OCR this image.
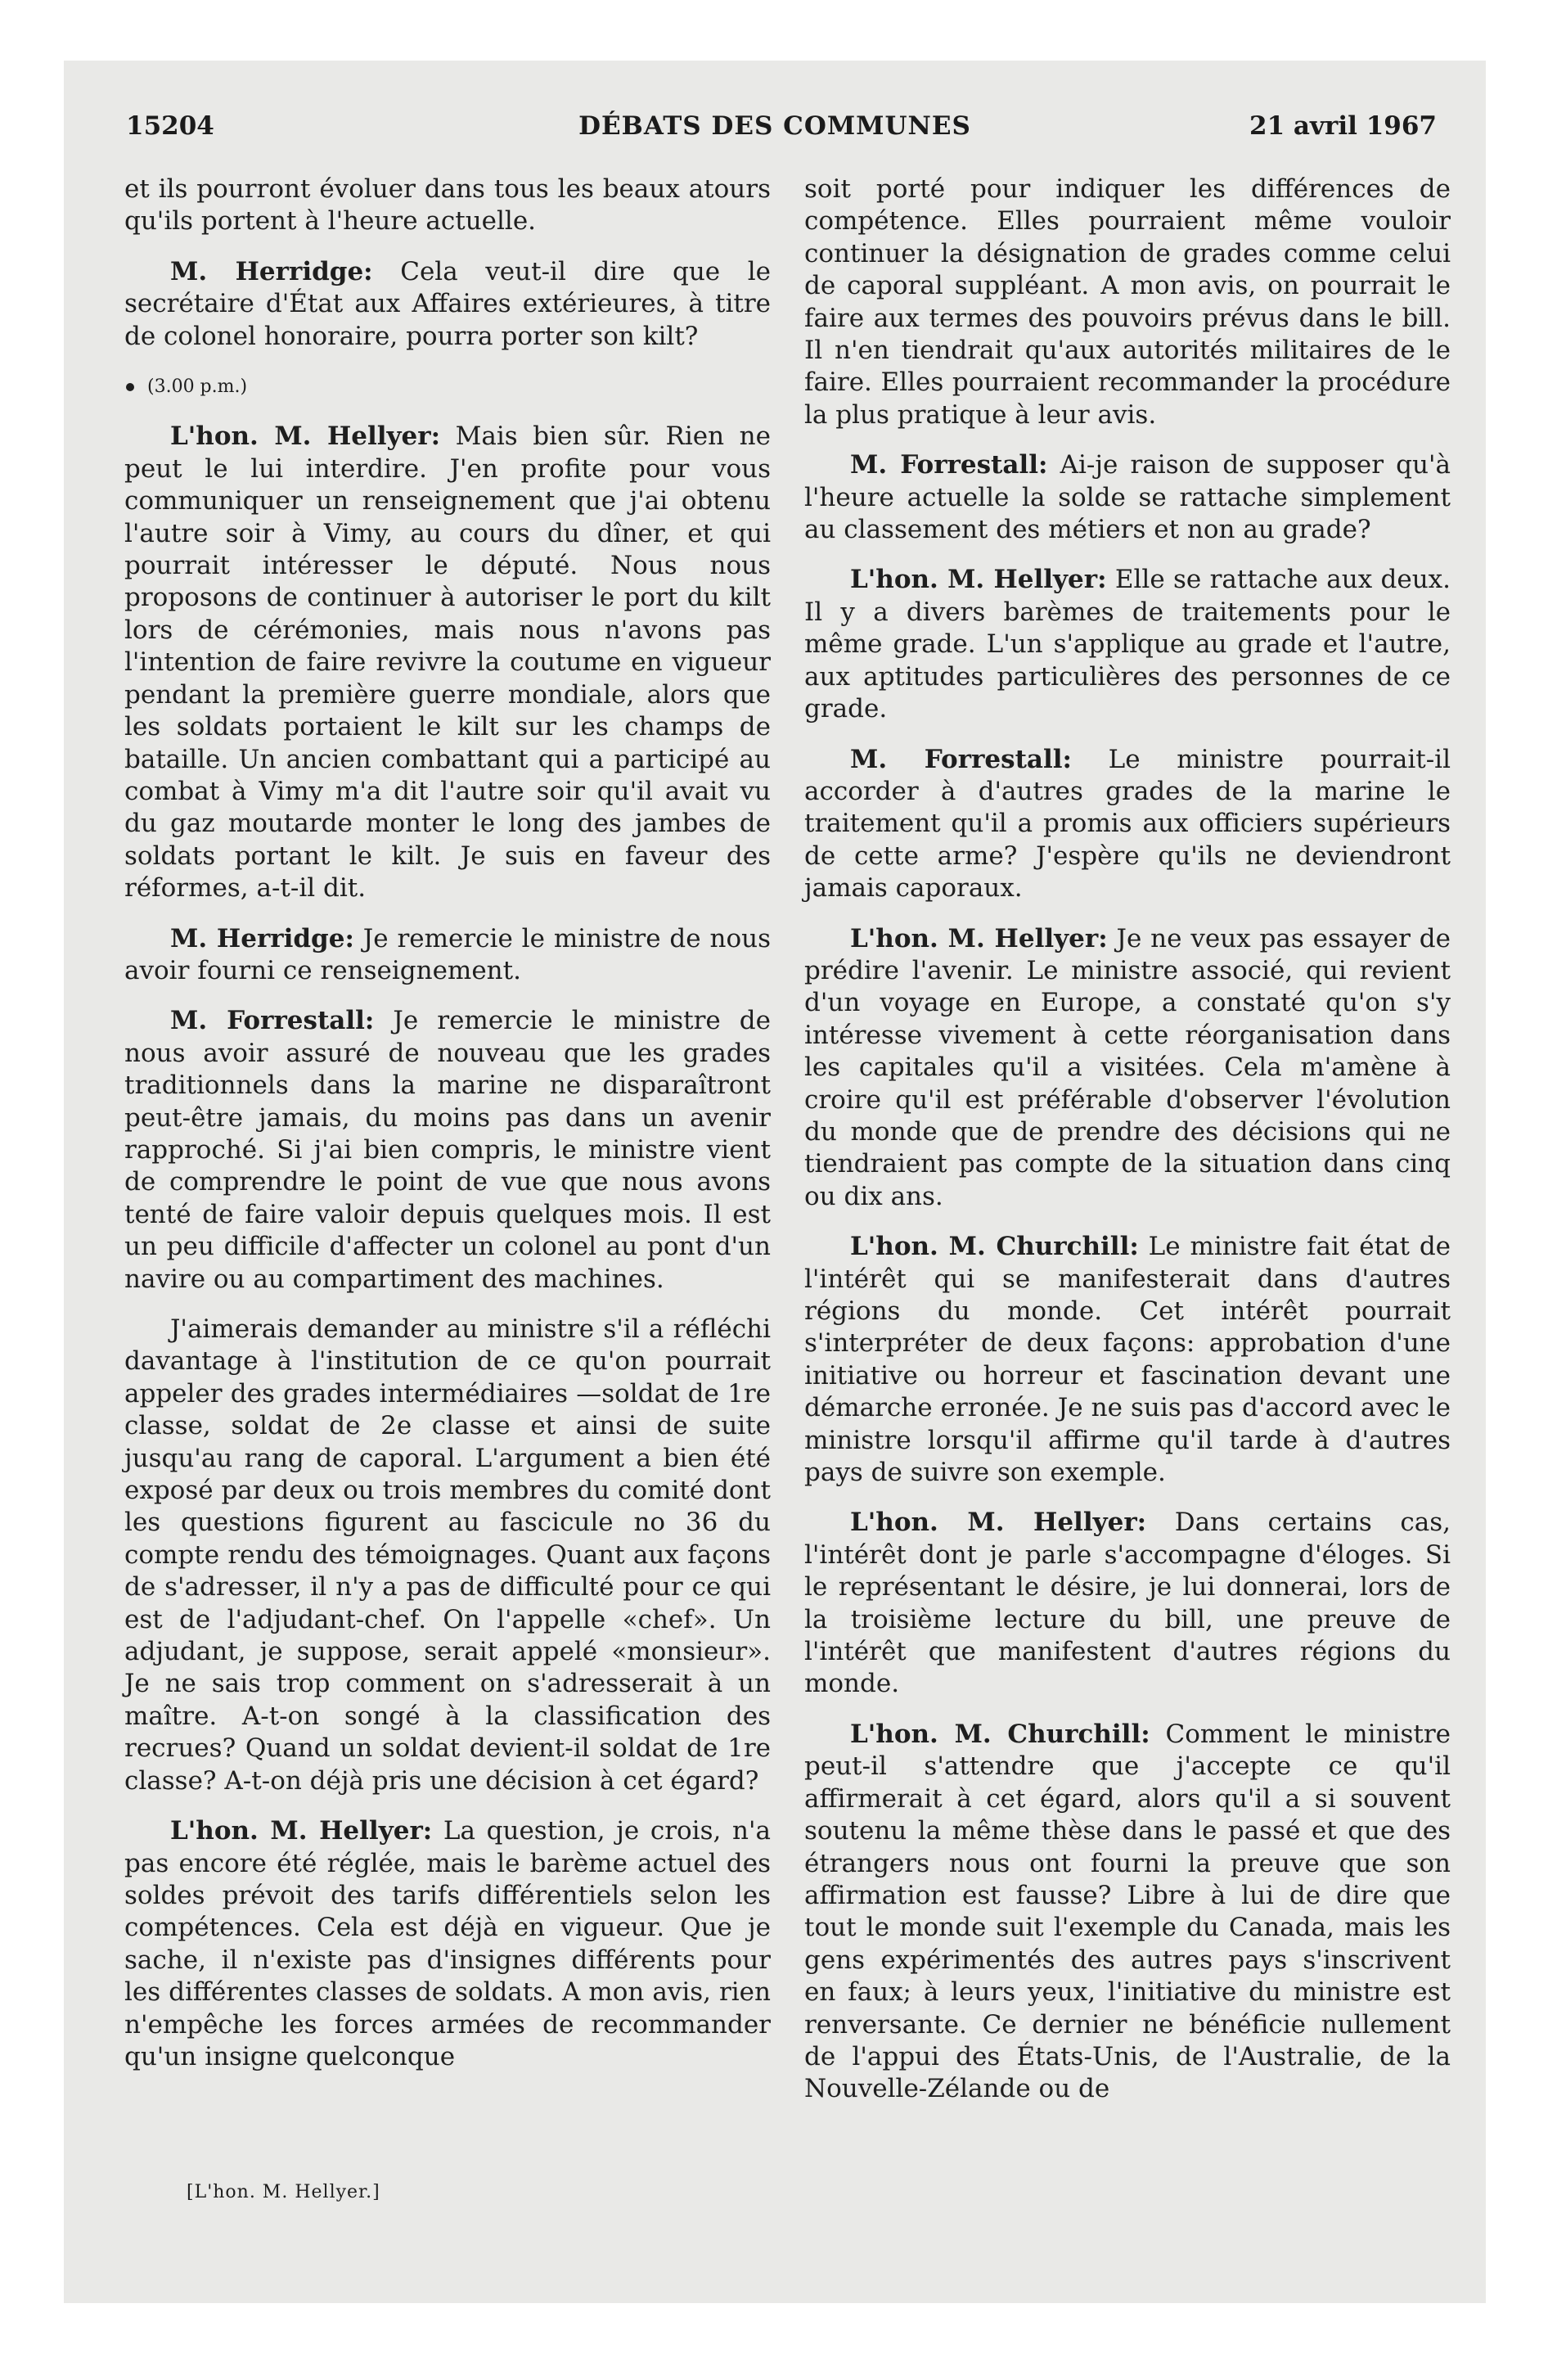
15204	DÉBATS DES COMMUNES	21 avril 1967

et ils pourront évoluer dans tous les beaux atours qu'ils portent à l'heure actuelle.

M. Herridge: Cela veut-il dire que le secrétaire d'État aux Affaires extérieures, à titre de colonel honoraire, pourra porter son kilt?

(3.00 p.m.)

L'hon. M. Hellyer: Mais bien sûr. Rien ne peut le lui interdire. J'en profite pour vous communiquer un renseignement que j'ai obtenu l'autre soir à Vimy, au cours du dîner, et qui pourrait intéresser le député. Nous nous proposons de continuer à autoriser le port du kilt lors de cérémonies, mais nous n'avons pas l'intention de faire revivre la coutume en vigueur pendant la première guerre mondiale, alors que les soldats portaient le kilt sur les champs de bataille. Un ancien combattant qui a participé au combat à Vimy m'a dit l'autre soir qu'il avait vu du gaz moutarde monter le long des jambes de soldats portant le kilt. Je suis en faveur des réformes, a-t-il dit.

M. Herridge: Je remercie le ministre de nous avoir fourni ce renseignement.

M. Forrestall: Je remercie le ministre de nous avoir assuré de nouveau que les grades traditionnels dans la marine ne disparaîtront peut-être jamais, du moins pas dans un avenir rapproché. Si j'ai bien compris, le ministre vient de comprendre le point de vue que nous avons tenté de faire valoir depuis quelques mois. Il est un peu difficile d'affecter un colonel au pont d'un navire ou au compartiment des machines.

J'aimerais demander au ministre s'il a réfléchi davantage à l'institution de ce qu'on pourrait appeler des grades intermédiaires —soldat de 1re classe, soldat de 2e classe et ainsi de suite jusqu'au rang de caporal. L'argument a bien été exposé par deux ou trois membres du comité dont les questions figurent au fascicule no 36 du compte rendu des témoignages. Quant aux façons de s'adresser, il n'y a pas de difficulté pour ce qui est de l'adjudant-chef. On l'appelle «chef». Un adjudant, je suppose, serait appelé «monsieur». Je ne sais trop comment on s'adresserait à un maître. A-t-on songé à la classification des recrues? Quand un soldat devient-il soldat de 1re classe? A-t-on déjà pris une décision à cet égard?

L'hon. M. Hellyer: La question, je crois, n'a pas encore été réglée, mais le barème actuel des soldes prévoit des tarifs différentiels selon les compétences. Cela est déjà en vigueur. Que je sache, il n'existe pas d'insignes différents pour les différentes classes de soldats. A mon avis, rien n'empêche les forces armées de recommander qu'un insigne quelconque

soit porté pour indiquer les différences de compétence. Elles pourraient même vouloir continuer la désignation de grades comme celui de caporal suppléant. A mon avis, on pourrait le faire aux termes des pouvoirs prévus dans le bill. Il n'en tiendrait qu'aux autorités militaires de le faire. Elles pourraient recommander la procédure la plus pratique à leur avis.

M. Forrestall: Ai-je raison de supposer qu'à l'heure actuelle la solde se rattache simplement au classement des métiers et non au grade?

L'hon. M. Hellyer: Elle se rattache aux deux. Il y a divers barèmes de traitements pour le même grade. L'un s'applique au grade et l'autre, aux aptitudes particulières des personnes de ce grade.

M. Forrestall: Le ministre pourrait-il accorder à d'autres grades de la marine le traitement qu'il a promis aux officiers supérieurs de cette arme? J'espère qu'ils ne deviendront jamais caporaux.

L'hon. M. Hellyer: Je ne veux pas essayer de prédire l'avenir. Le ministre associé, qui revient d'un voyage en Europe, a constaté qu'on s'y intéresse vivement à cette réorganisation dans les capitales qu'il a visitées. Cela m'amène à croire qu'il est préférable d'observer l'évolution du monde que de prendre des décisions qui ne tiendraient pas compte de la situation dans cinq ou dix ans.

L'hon. M. Churchill: Le ministre fait état de l'intérêt qui se manifesterait dans d'autres régions du monde. Cet intérêt pourrait s'interpréter de deux façons: approbation d'une initiative ou horreur et fascination devant une démarche erronée. Je ne suis pas d'accord avec le ministre lorsqu'il affirme qu'il tarde à d'autres pays de suivre son exemple.

L'hon. M. Hellyer: Dans certains cas, l'intérêt dont je parle s'accompagne d'éloges. Si le représentant le désire, je lui donnerai, lors de la troisième lecture du bill, une preuve de l'intérêt que manifestent d'autres régions du monde.

L'hon. M. Churchill: Comment le ministre peut-il s'attendre que j'accepte ce qu'il affirmerait à cet égard, alors qu'il a si souvent soutenu la même thèse dans le passé et que des étrangers nous ont fourni la preuve que son affirmation est fausse? Libre à lui de dire que tout le monde suit l'exemple du Canada, mais les gens expérimentés des autres pays s'inscrivent en faux; à leurs yeux, l'initiative du ministre est renversante. Ce dernier ne bénéficie nullement de l'appui des États-Unis, de l'Australie, de la Nouvelle-Zélande ou de

[L'hon. M. Hellyer.]
